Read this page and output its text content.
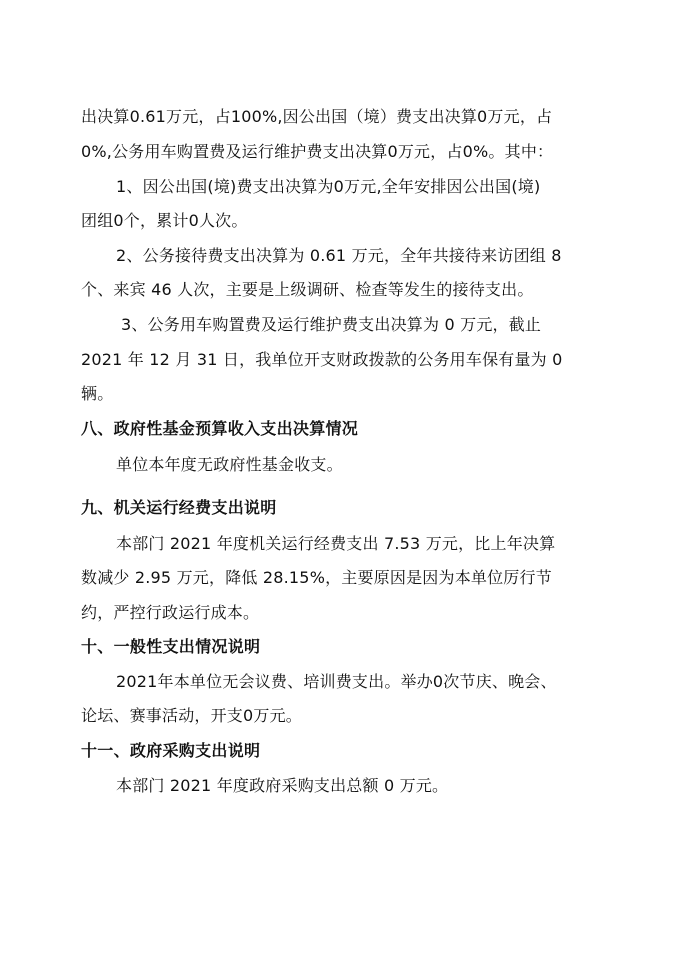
出决算0.61万元，占100%,因公出国（境）费支出决算0万元，占
0%,公务用车购置费及运行维护费支出决算0万元，占0%。其中：
1、因公出国(境)费支出决算为0万元,全年安排因公出国(境)
团组0个，累计0人次。
2、公务接待费支出决算为 0.61 万元，全年共接待来访团组 8
个、来宾 46 人次，主要是上级调研、检查等发生的接待支出。
3、公务用车购置费及运行维护费支出决算为 0 万元，截止
2021 年 12 月 31 日，我单位开支财政拨款的公务用车保有量为 0
辆。
八、政府性基金预算收入支出决算情况
单位本年度无政府性基金收支。
九、机关运行经费支出说明
本部门 2021 年度机关运行经费支出 7.53 万元，比上年决算
数减少 2.95 万元，降低 28.15%，主要原因是因为本单位厉行节
约，严控行政运行成本。
十、一般性支出情况说明
2021年本单位无会议费、培训费支出。举办0次节庆、晚会、
论坛、赛事活动，开支0万元。
十一、政府采购支出说明
本部门 2021 年度政府采购支出总额 0 万元。
